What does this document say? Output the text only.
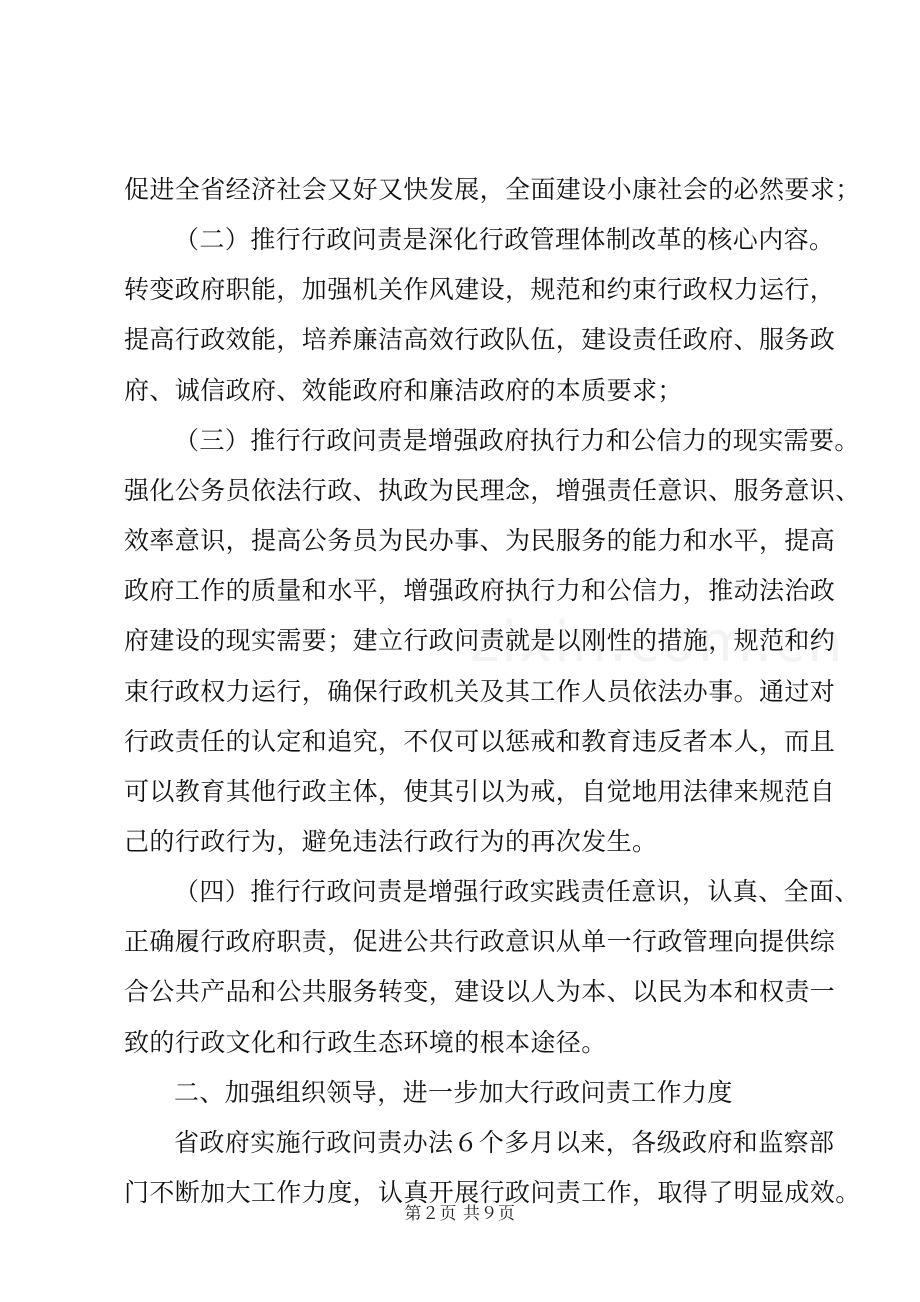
促进全省经济社会又好又快发展，全面建设小康社会的必然要求；
（二）推行行政问责是深化行政管理体制改革的核心内容。
转变政府职能，加强机关作风建设，规范和约束行政权力运行，
提高行政效能，培养廉洁高效行政队伍，建设责任政府、服务政
府、诚信政府、效能政府和廉洁政府的本质要求；
（三）推行行政问责是增强政府执行力和公信力的现实需要。
强化公务员依法行政、执政为民理念，增强责任意识、服务意识、
效率意识，提高公务员为民办事、为民服务的能力和水平，提高
政府工作的质量和水平，增强政府执行力和公信力，推动法治政
府建设的现实需要；建立行政问责就是以刚性的措施，规范和约
束行政权力运行，确保行政机关及其工作人员依法办事。通过对
行政责任的认定和追究，不仅可以惩戒和教育违反者本人，而且
可以教育其他行政主体，使其引以为戒，自觉地用法律来规范自
己的行政行为，避免违法行政行为的再次发生。
（四）推行行政问责是增强行政实践责任意识，认真、全面、
正确履行政府职责，促进公共行政意识从单一行政管理向提供综
合公共产品和公共服务转变，建设以人为本、以民为本和权责一
致的行政文化和行政生态环境的根本途径。
二、加强组织领导，进一步加大行政问责工作力度
省政府实施行政问责办法６个多月以来，各级政府和监察部
门不断加大工作力度，认真开展行政问责工作，取得了明显成效。
第２页 共９页
